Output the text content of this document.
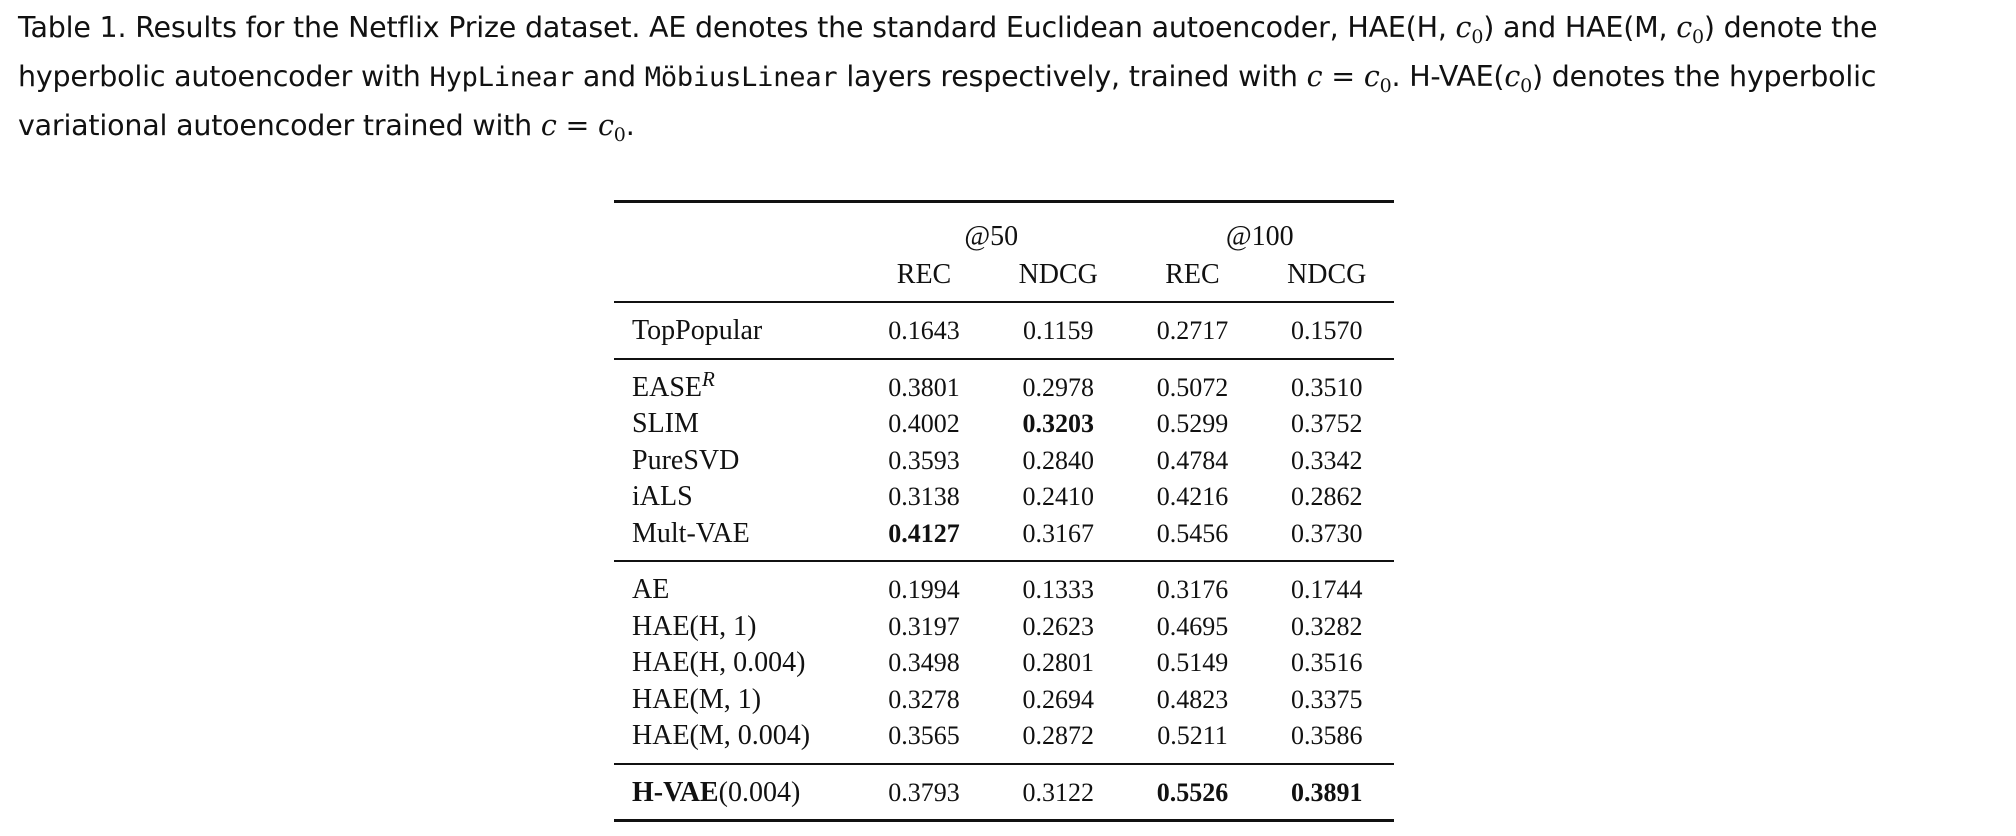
Table 1. Results for the Netflix Prize dataset. AE denotes the standard Euclidean autoencoder, HAE(H, $c_0$) and HAE(M, $c_0$) denote the hyperbolic autoencoder with HypLinear and MöbiusLinear layers respectively, trained with $c = c_0$. $H-VAE(c_0)$ denotes the hyperbolic variational autoencoder trained with $c = c_0$.
	@50		@100	
	REC	NDCG	REC	NDCG
TopPopular	0.1643	0.1159	0.2717	0.1570
$EASE^R$	0.3801	0.2978	0.5072	0.3510
SLIM	0.4002	0.3203	0.5299	0.3752
PureSVD	0.3593	0.2840	0.4784	0.3342
iALS	0.3138	0.2410	0.4216	0.2862
Mult-VAE	0.4127	0.3167	0.5456	0.3730
AE	0.1994	0.1333	0.3176	0.1744
HAE(H, 1)	0.3197	0.2623	0.4695	0.3282
HAE(H, 0.004)	0.3498	0.2801	0.5149	0.3516
HAE(M, 1)	0.3278	0.2694	0.4823	0.3375
HAE(M, 0.004)	0.3565	0.2872	0.5211	0.3586
H-VAE(0.004)	0.3793	0.3122	0.5526	0.3891
